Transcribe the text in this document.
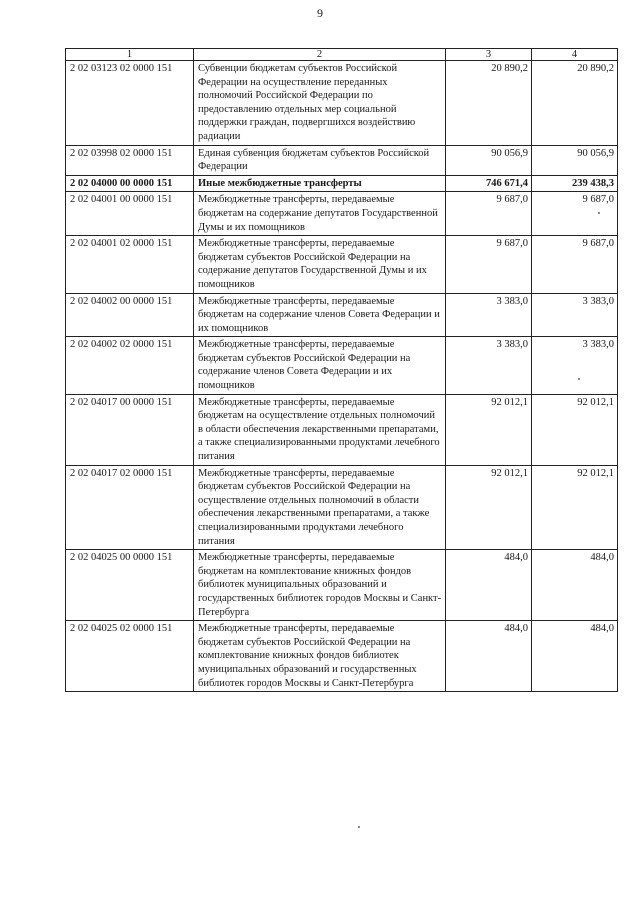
9
1	2	3	4
2 02 03123 02 0000 151	Субвенции бюджетам субъектов Российской Федерации на осуществление переданных полномочий Российской Федерации по предоставлению отдельных мер социальной поддержки граждан, подвергшихся воздействию радиации	20 890,2	20 890,2
2 02 03998 02 0000 151	Единая субвенция бюджетам субъектов Российской Федерации	90 056,9	90 056,9
2 02 04000 00 0000 151	Иные межбюджетные трансферты	746 671,4	239 438,3
2 02 04001 00 0000 151	Межбюджетные трансферты, передаваемые бюджетам на содержание депутатов Государственной Думы и их помощников	9 687,0	9 687,0
2 02 04001 02 0000 151	Межбюджетные трансферты, передаваемые бюджетам субъектов Российской Федерации на содержание депутатов Государственной Думы и их помощников	9 687,0	9 687,0
2 02 04002 00 0000 151	Межбюджетные трансферты, передаваемые бюджетам на содержание членов Совета Федерации и их помощников	3 383,0	3 383,0
2 02 04002 02 0000 151	Межбюджетные трансферты, передаваемые бюджетам субъектов Российской Федерации на содержание членов Совета Федерации и их помощников	3 383,0	3 383,0
2 02 04017 00 0000 151	Межбюджетные трансферты, передаваемые бюджетам на осуществление отдельных полномочий в области обеспечения лекарственными препаратами, а также специализированными продуктами лечебного питания	92 012,1	92 012,1
2 02 04017 02 0000 151	Межбюджетные трансферты, передаваемые бюджетам субъектов Российской Федерации на осуществление отдельных полномочий в области обеспечения лекарственными препаратами, а также специализированными продуктами лечебного питания	92 012,1	92 012,1
2 02 04025 00 0000 151	Межбюджетные трансферты, передаваемые бюджетам на комплектование книжных фондов библиотек муниципальных образований и государственных библиотек городов Москвы и Санкт-Петербурга	484,0	484,0
2 02 04025 02 0000 151	Межбюджетные трансферты, передаваемые бюджетам субъектов Российской Федерации на комплектование книжных фондов библиотек муниципальных образований и государственных библиотек городов Москвы и Санкт-Петербурга	484,0	484,0
